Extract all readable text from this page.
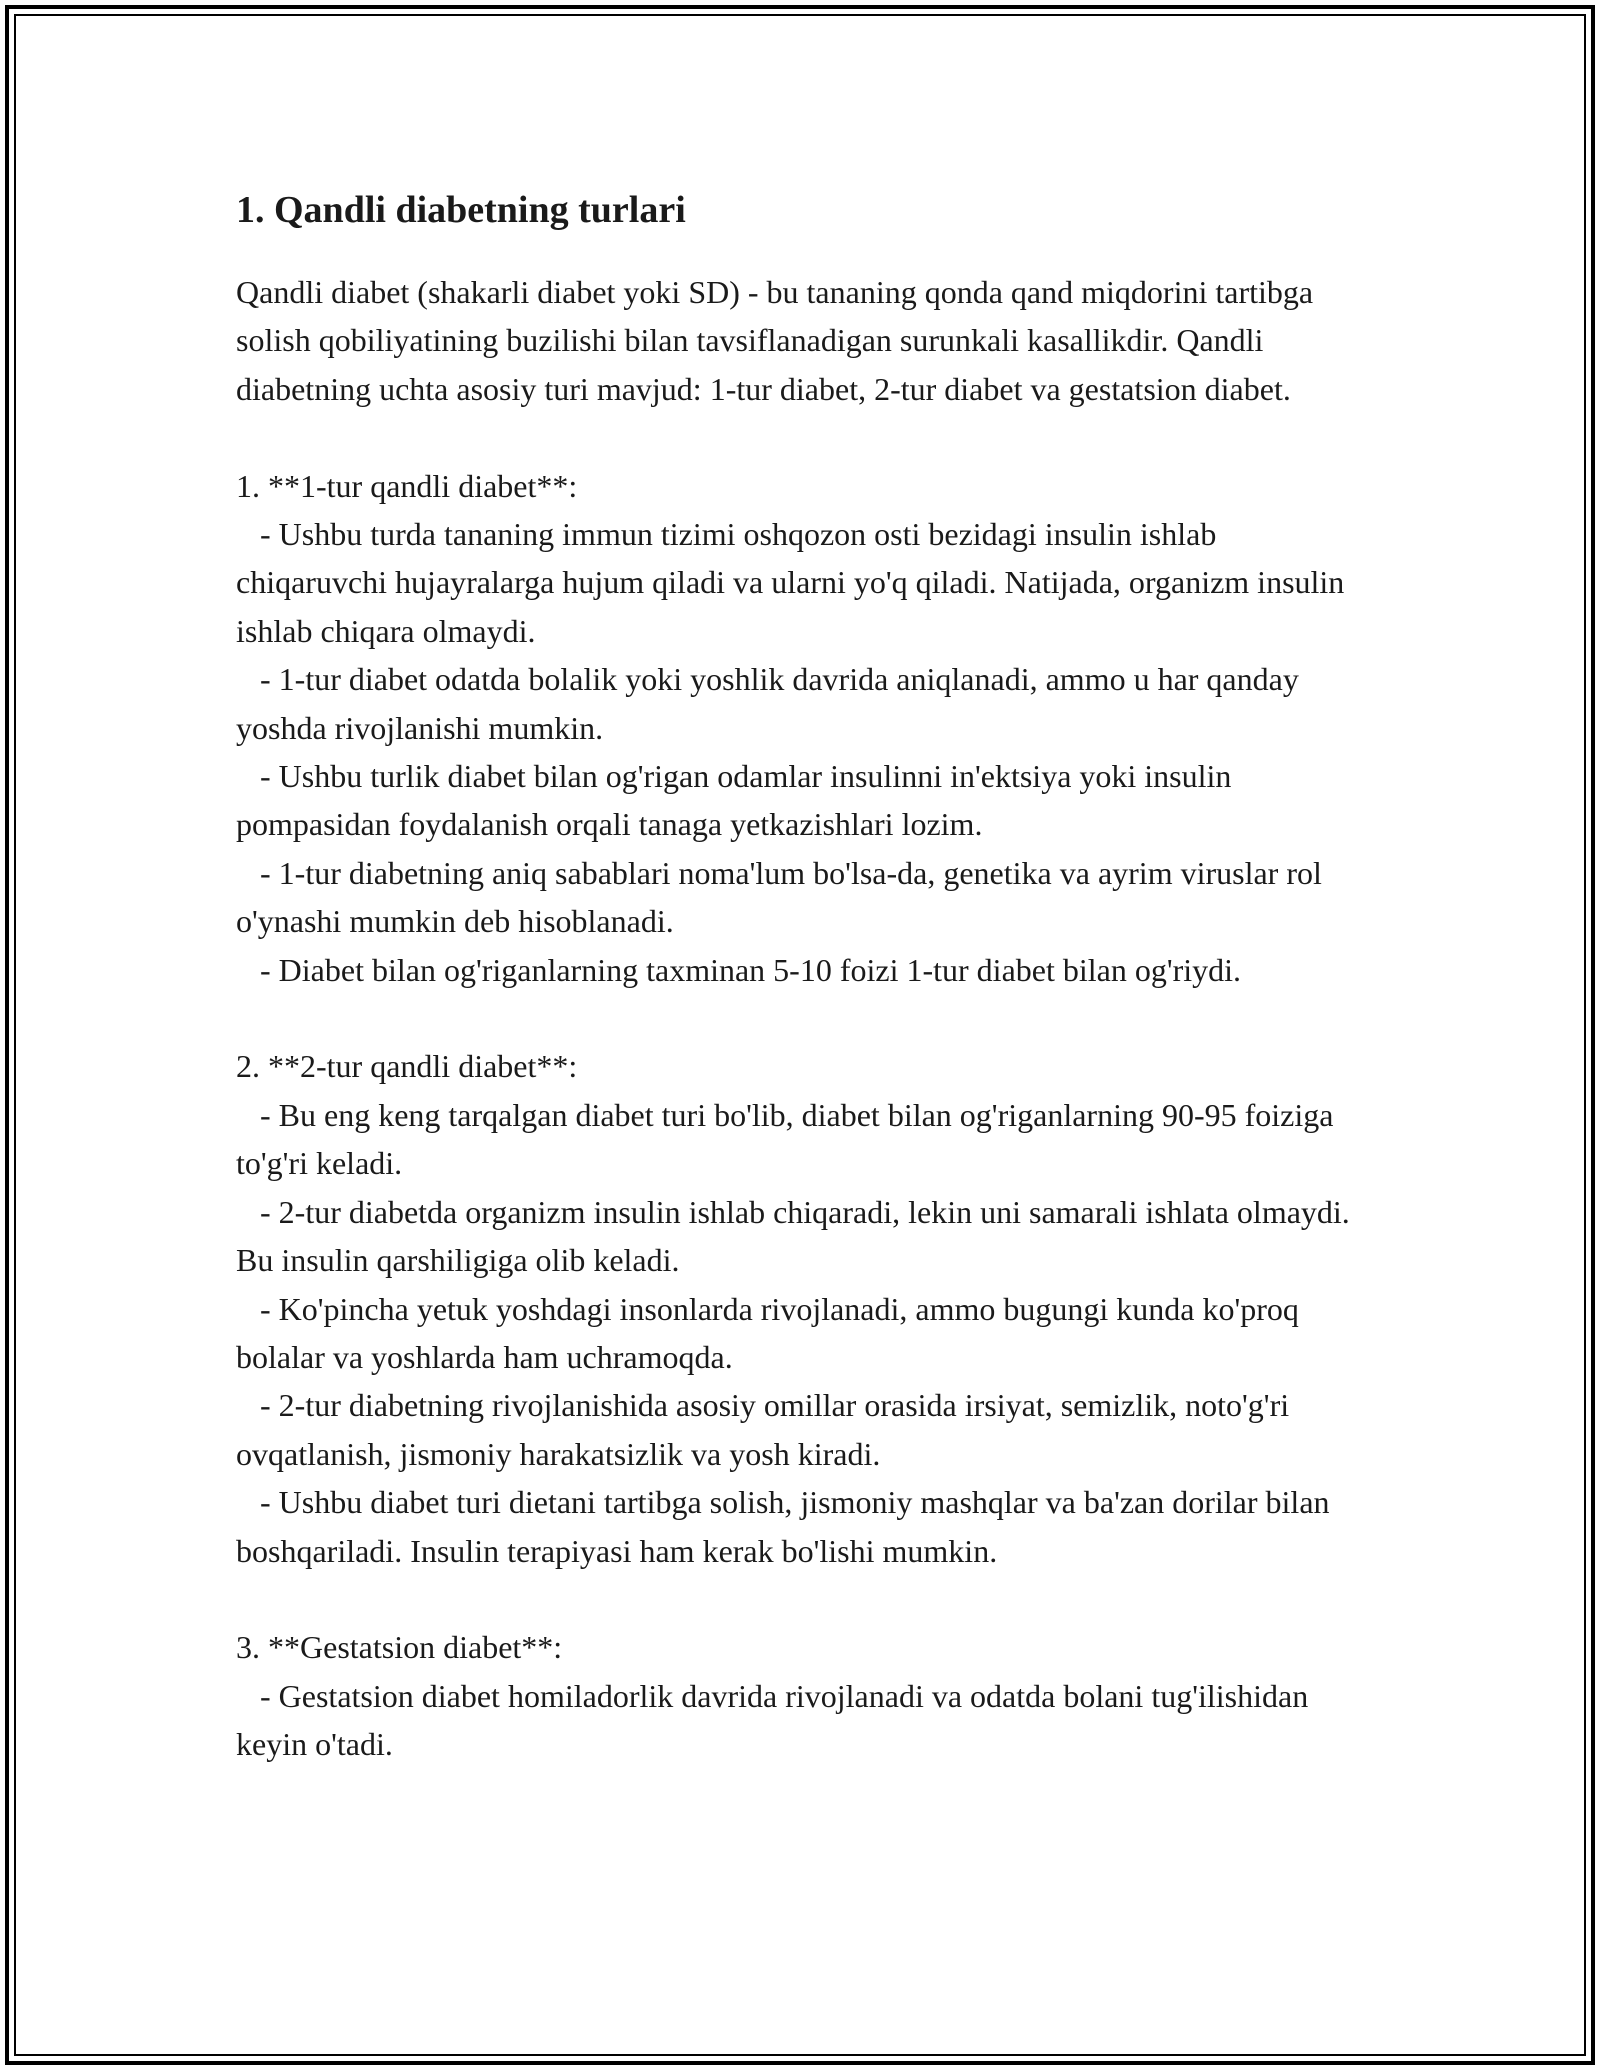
1. Qandli diabetning turlari

Qandli diabet (shakarli diabet yoki SD) - bu tananing qonda qand miqdorini tartibga solish qobiliyatining buzilishi bilan tavsiflanadigan surunkali kasallikdir. Qandli diabetning uchta asosiy turi mavjud: 1-tur diabet, 2-tur diabet va gestatsion diabet.

1. **1-tur qandli diabet**:

- Ushbu turda tananing immun tizimi oshqozon osti bezidagi insulin ishlab chiqaruvchi hujayralarga hujum qiladi va ularni yo'q qiladi. Natijada, organizm insulin ishlab chiqara olmaydi.

- 1-tur diabet odatda bolalik yoki yoshlik davrida aniqlanadi, ammo u har qanday yoshda rivojlanishi mumkin.

- Ushbu turlik diabet bilan og'rigan odamlar insulinni in'ektsiya yoki insulin pompasidan foydalanish orqali tanaga yetkazishlari lozim.

- 1-tur diabetning aniq sabablari noma'lum bo'lsa-da, genetika va ayrim viruslar rol o'ynashi mumkin deb hisoblanadi.

- Diabet bilan og'riganlarning taxminan 5-10 foizi 1-tur diabet bilan og'riydi.

2. **2-tur qandli diabet**:

- Bu eng keng tarqalgan diabet turi bo'lib, diabet bilan og'riganlarning 90-95 foiziga to'g'ri keladi.

- 2-tur diabetda organizm insulin ishlab chiqaradi, lekin uni samarali ishlata olmaydi. Bu insulin qarshiligiga olib keladi.

- Ko'pincha yetuk yoshdagi insonlarda rivojlanadi, ammo bugungi kunda ko'proq bolalar va yoshlarda ham uchramoqda.

- 2-tur diabetning rivojlanishida asosiy omillar orasida irsiyat, semizlik, noto'g'ri ovqatlanish, jismoniy harakatsizlik va yosh kiradi.

- Ushbu diabet turi dietani tartibga solish, jismoniy mashqlar va ba'zan dorilar bilan boshqariladi. Insulin terapiyasi ham kerak bo'lishi mumkin.

3. **Gestatsion diabet**:

- Gestatsion diabet homiladorlik davrida rivojlanadi va odatda bolani tug'ilishidan keyin o'tadi.
